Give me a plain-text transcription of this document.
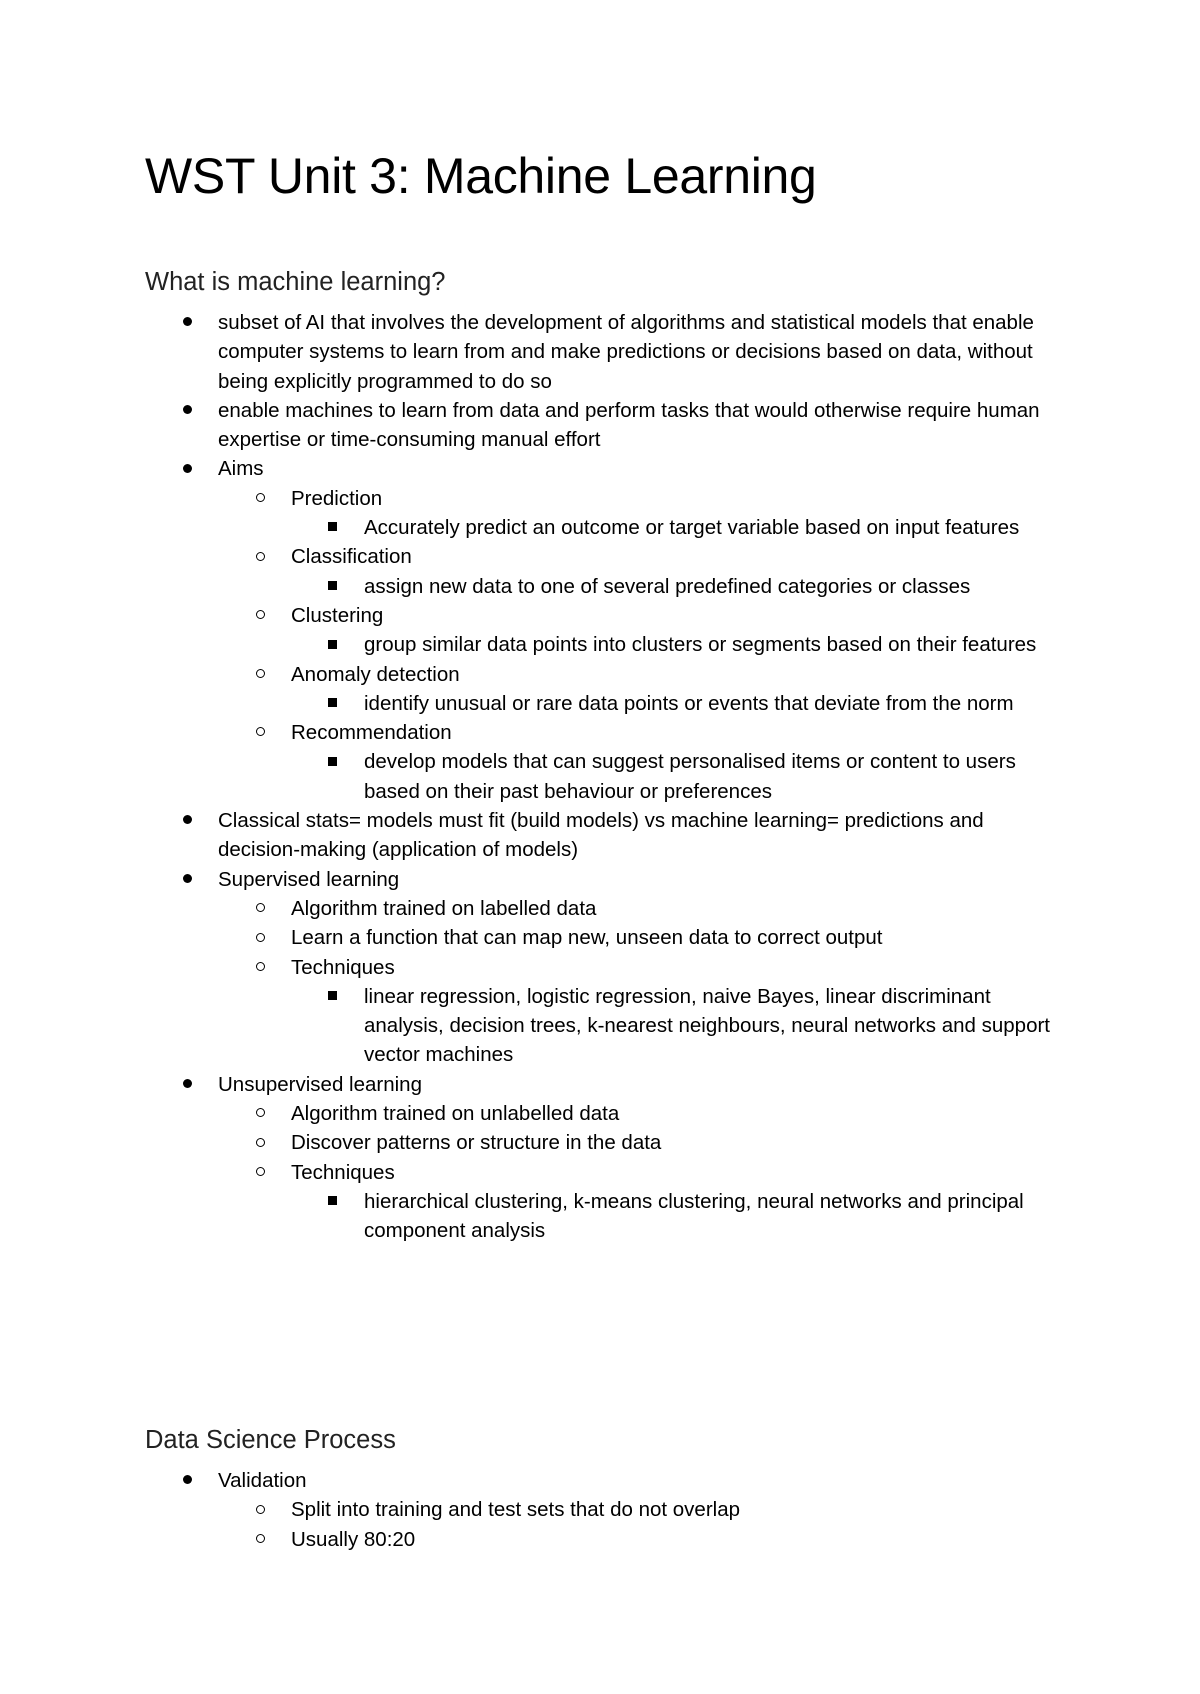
WST Unit 3: Machine Learning
What is machine learning?
subset of AI that involves the development of algorithms and statistical models that enable computer systems to learn from and make predictions or decisions based on data, without being explicitly programmed to do so
enable machines to learn from data and perform tasks that would otherwise require human expertise or time-consuming manual effort
Aims
Prediction
Accurately predict an outcome or target variable based on input features
Classification
assign new data to one of several predefined categories or classes
Clustering
group similar data points into clusters or segments based on their features
Anomaly detection
identify unusual or rare data points or events that deviate from the norm
Recommendation
develop models that can suggest personalised items or content to users based on their past behaviour or preferences
Classical stats= models must fit (build models) vs machine learning= predictions and decision-making (application of models)
Supervised learning
Algorithm trained on labelled data
Learn a function that can map new, unseen data to correct output
Techniques
linear regression, logistic regression, naive Bayes, linear discriminant analysis, decision trees, k-nearest neighbours, neural networks and support vector machines
Unsupervised learning
Algorithm trained on unlabelled data
Discover patterns or structure in the data
Techniques
hierarchical clustering, k-means clustering, neural networks and principal component analysis
Data Science Process
Validation
Split into training and test sets that do not overlap
Usually 80:20
